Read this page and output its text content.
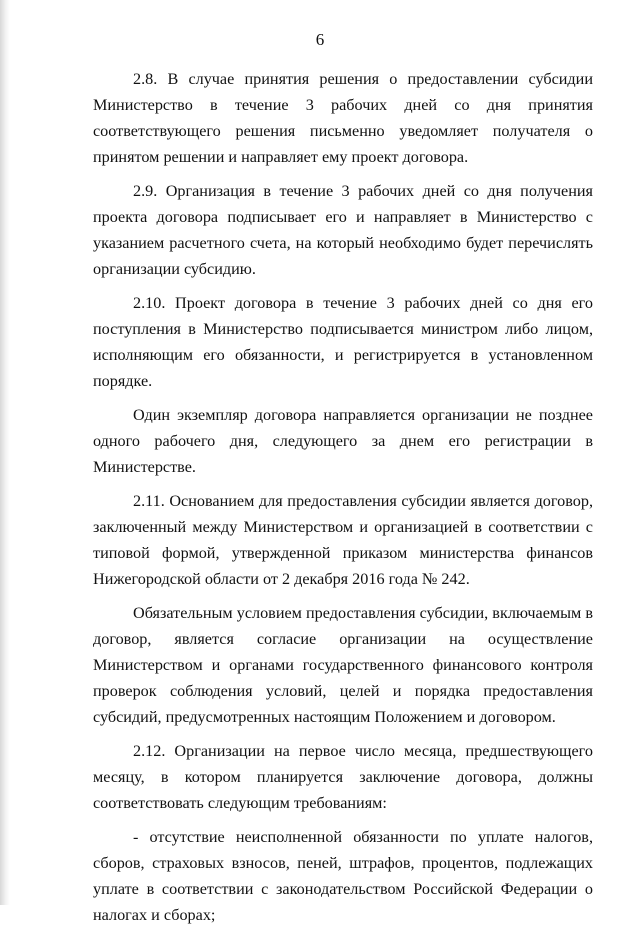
6

2.8. В случае принятия решения о предоставлении субсидии Министерство в течение 3 рабочих дней со дня принятия соответствующего решения письменно уведомляет получателя о принятом решении и направляет ему проект договора.

2.9. Организация в течение 3 рабочих дней со дня получения проекта договора подписывает его и направляет в Министерство с указанием расчетного счета, на который необходимо будет перечислять организации субсидию.

2.10. Проект договора в течение 3 рабочих дней со дня его поступления в Министерство подписывается министром либо лицом, исполняющим его обязанности, и регистрируется в установленном порядке.

Один экземпляр договора направляется организации не позднее одного рабочего дня, следующего за днем его регистрации в Министерстве.

2.11. Основанием для предоставления субсидии является договор, заключенный между Министерством и организацией в соответствии с типовой формой, утвержденной приказом министерства финансов Нижегородской области от 2 декабря 2016 года № 242.

Обязательным условием предоставления субсидии, включаемым в договор, является согласие организации на осуществление Министерством и органами государственного финансового контроля проверок соблюдения условий, целей и порядка предоставления субсидий, предусмотренных настоящим Положением и договором.

2.12. Организации на первое число месяца, предшествующего месяцу, в котором планируется заключение договора, должны соответствовать следующим требованиям:

- отсутствие неисполненной обязанности по уплате налогов, сборов, страховых взносов, пеней, штрафов, процентов, подлежащих уплате в соответствии с законодательством Российской Федерации о налогах и сборах;
